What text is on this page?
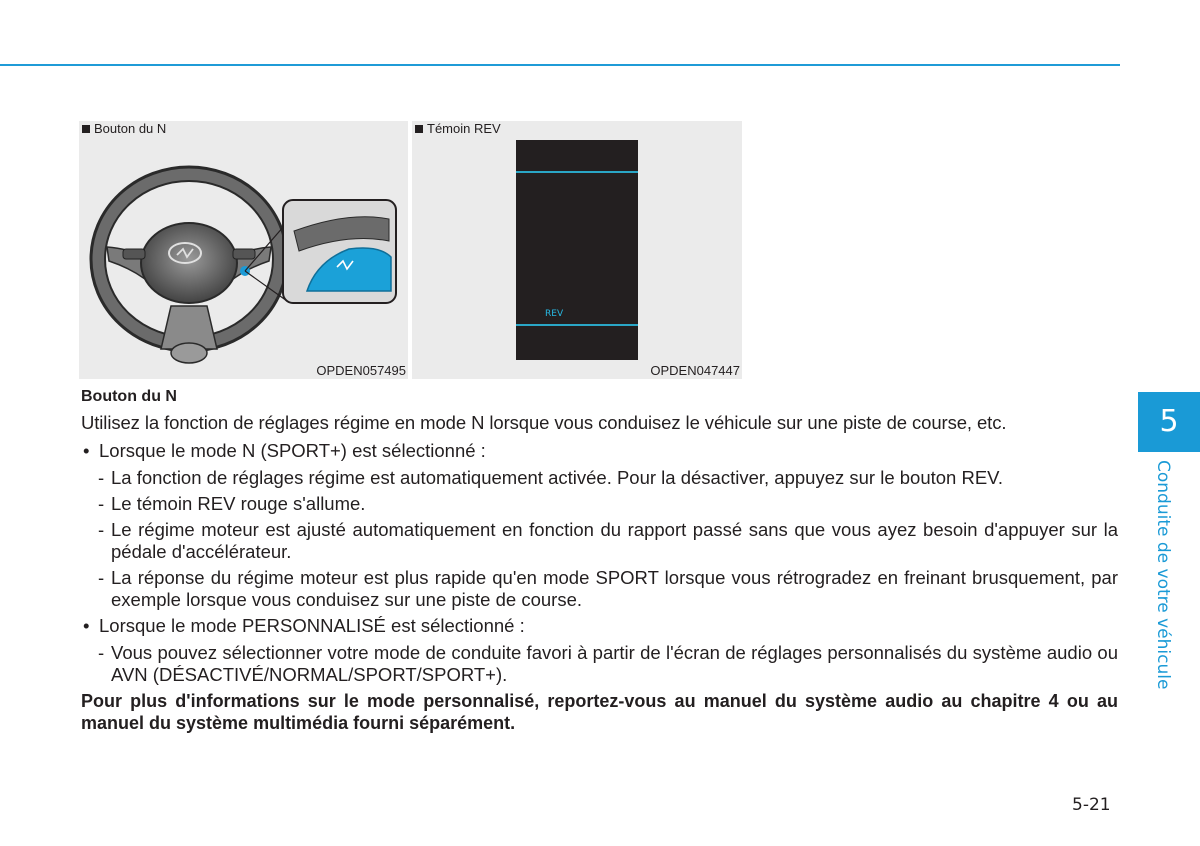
Bouton du N
OPDEN057495
Témoin REV
REV
OPDEN047447

Bouton du N

Utilisez la fonction de réglages régime en mode N lorsque vous conduisez le véhicule sur une piste de course, etc.

• Lorsque le mode N (SPORT+) est sélectionné :
- La fonction de réglages régime est automatiquement activée. Pour la désactiver, appuyez sur le bouton REV.
- Le témoin REV rouge s'allume.
- Le régime moteur est ajusté automatiquement en fonction du rapport passé sans que vous ayez besoin d'appuyer sur la pédale d'accélérateur.
- La réponse du régime moteur est plus rapide qu'en mode SPORT lorsque vous rétrogradez en freinant brusquement, par exemple lorsque vous conduisez sur une piste de course.
• Lorsque le mode PERSONNALISÉ est sélectionné :
- Vous pouvez sélectionner votre mode de conduite favori à partir de l'écran de réglages personnalisés du système audio ou AVN (DÉSACTIVÉ/NORMAL/SPORT/SPORT+).

Pour plus d'informations sur le mode personnalisé, reportez-vous au manuel du système audio au chapitre 4 ou au manuel du système multimédia fourni séparément.

5
Conduite de votre véhicule
5-21
